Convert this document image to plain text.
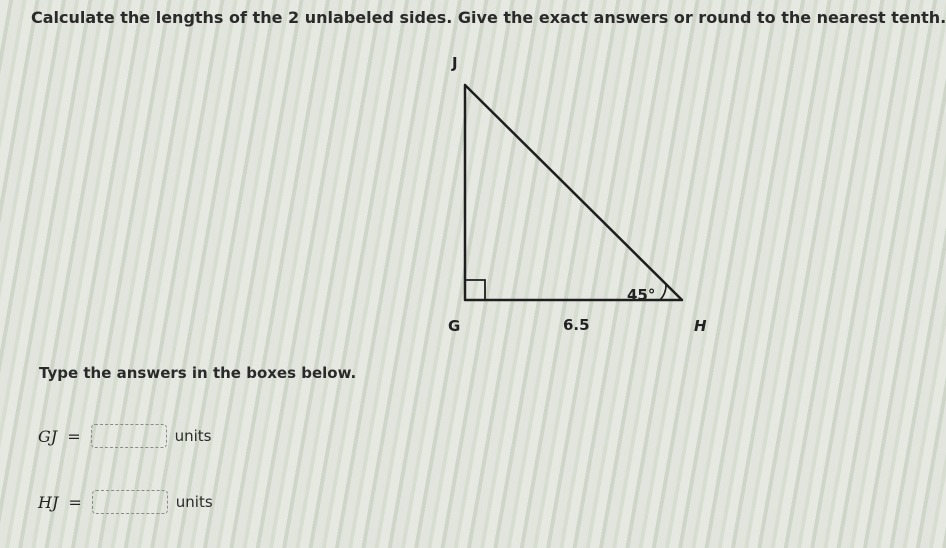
Calculate the lengths of the 2 unlabeled sides. Give the exact answers or round to the nearest tenth.
J
G	H
6.5
45°
Type the answers in the boxes below.
GJ =	units
HJ =	units
